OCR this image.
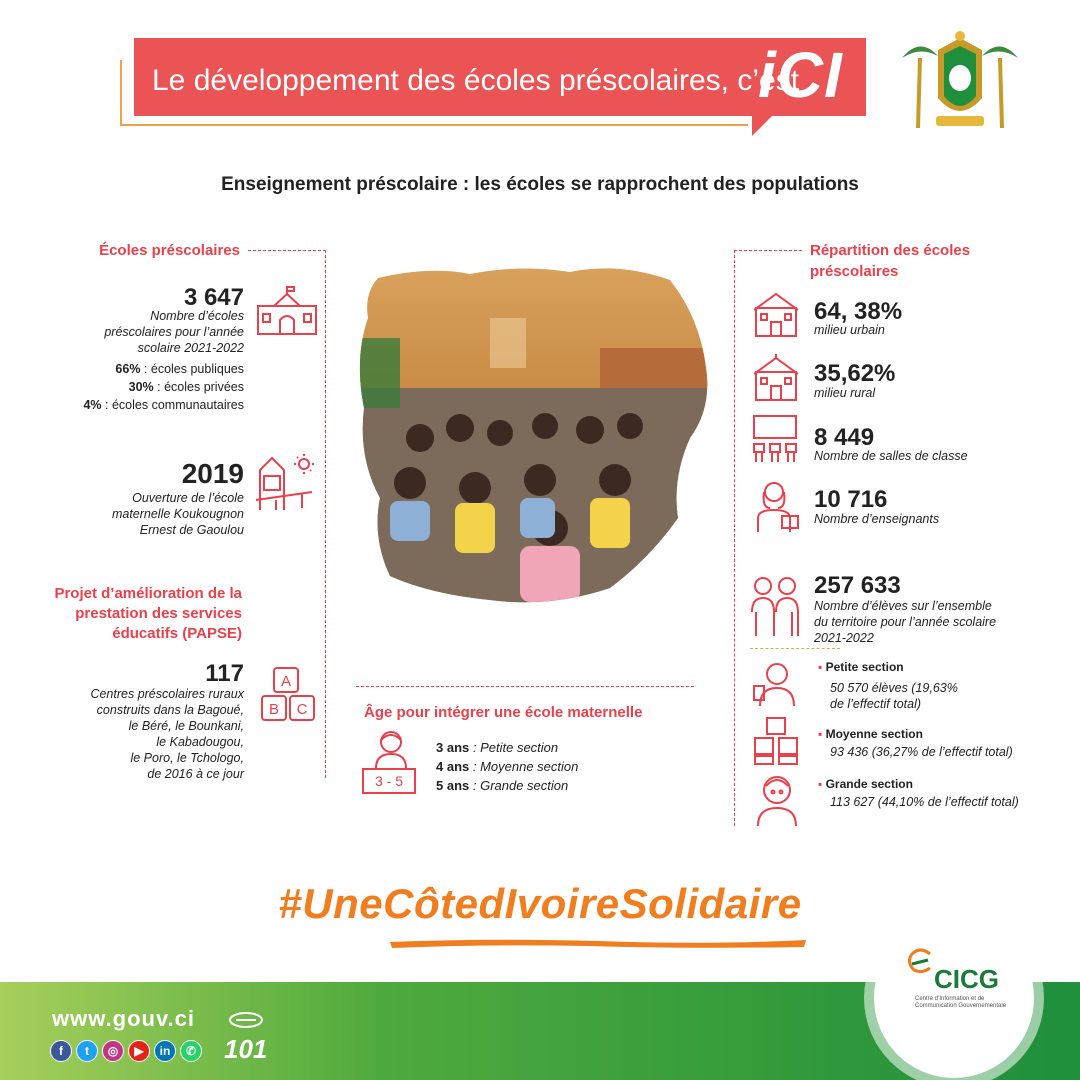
Le développement des écoles préscolaires, c’est
iCI
Enseignement préscolaire : les écoles se rapprochent des populations
Écoles préscolaires
3 647
Nombre d’écoles
préscolaires pour l’année
scolaire 2021-2022
66% : écoles publiques
30% : écoles privées
4% : écoles communautaires
2019
Ouverture de l’école
maternelle Koukougnon
Ernest de Gaoulou
Projet d’amélioration de la
prestation des services
éducatifs (PAPSE)
117
Centres préscolaires ruraux
construits dans la Bagoué,
le Béré, le Bounkani,
le Kabadougou,
le Poro, le Tchologo,
de 2016 à ce jour
A
B C	Âge pour intégrer une école maternelle
3 - 5
3 ans : Petite section
4 ans : Moyenne section
5 ans : Grande section
Répartition des écoles
préscolaires
64, 38%
milieu urbain
35,62%
milieu rural
8 449
Nombre de salles de classe
10 716
Nombre d’enseignants
257 633
Nombre d’élèves sur l’ensemble
du territoire pour l’année scolaire
2021-2022
▪ Petite section
50 570 élèves (19,63%
de l’effectif total)
▪ Moyenne section
93 436 (36,27% de l’effectif total)
▪ Grande section
113 627 (44,10% de l’effectif total)
#UneCôtedIvoireSolidaire
www.gouv.ci
f	t	◎	▶	in	✆ 101
CICG
Centre d’Information et de Communication Gouvernementale
